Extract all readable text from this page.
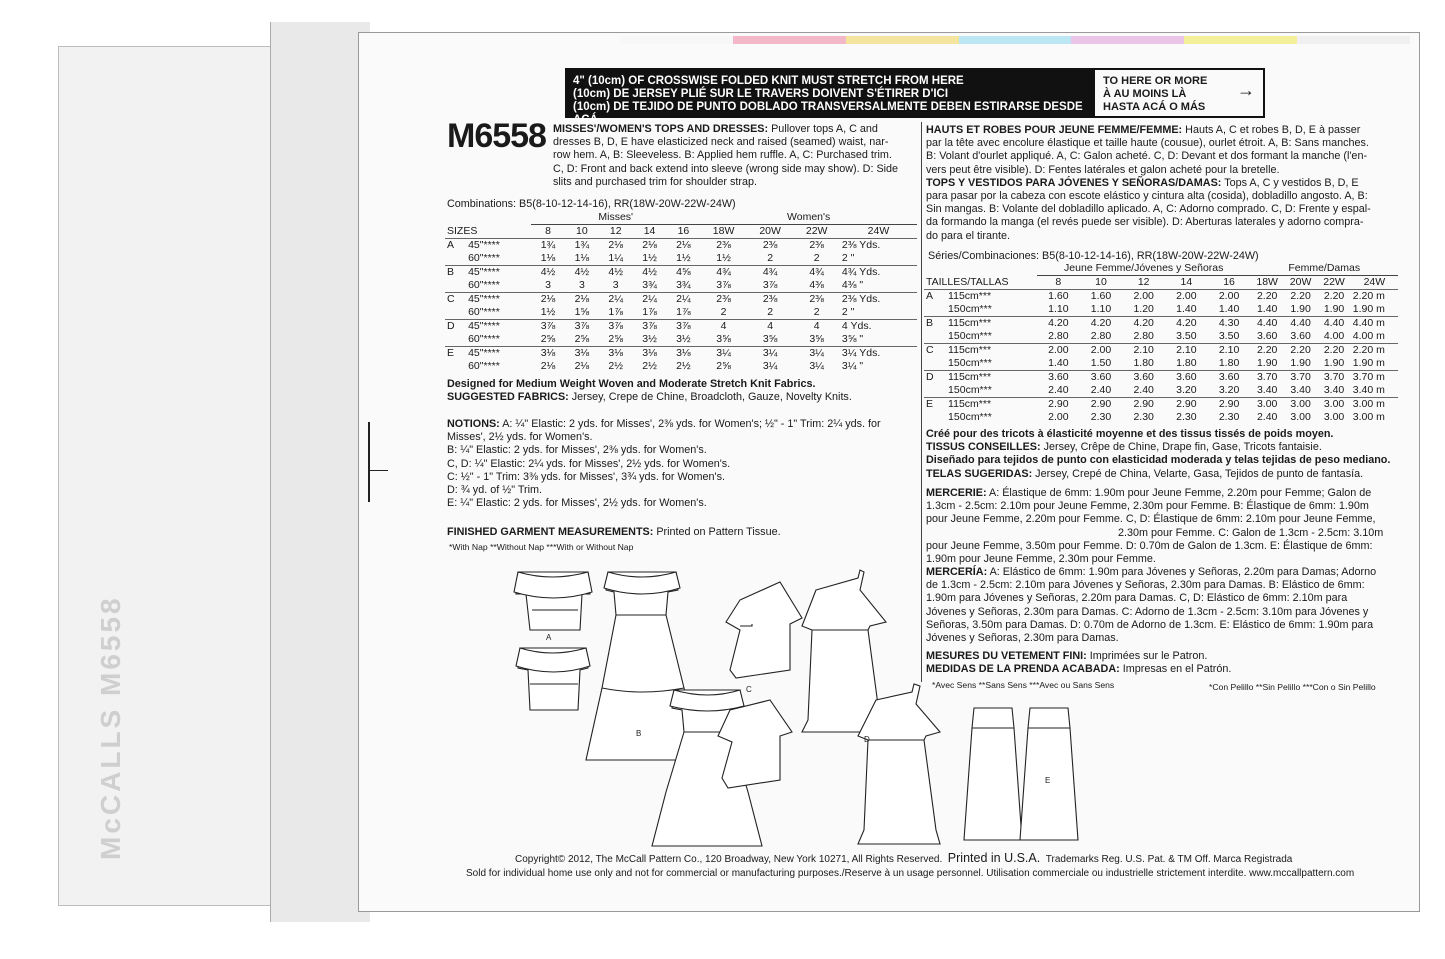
McCALLS M6558
4" (10cm) OF CROSSWISE FOLDED KNIT MUST STRETCH FROM HERE
(10cm) DE JERSEY PLIÉ SUR LE TRAVERS DOIVENT S'ÉTIRER D'ICI
(10cm) DE TEJIDO DE PUNTO DOBLADO TRANSVERSALMENTE DEBEN ESTIRARSE DESDE ACÁ
TO HERE OR MORE
À AU MOINS LÀ
HASTA ACÁ O MÁS
→
M6558 MISSES'/WOMEN'S TOPS AND DRESSES: Pullover tops A, C and
dresses B, D, E have elasticized neck and raised (seamed) waist, nar-
row hem. A, B: Sleeveless. B: Applied hem ruffle. A, C: Purchased trim.
C, D: Front and back extend into sleeve (wrong side may show). D: Side
slits and purchased trim for shoulder strap.
Combinations: B5(8-10-12-14-16), RR(18W-20W-22W-24W)
		Misses'					Women's			
SIZES		8	10	12	14	16	18W	20W	22W	24W
A	45"****	1¾	1¾	2⅛	2⅛	2⅛	2⅜	2⅜	2⅜	2⅜ Yds.
	60"****	1⅛	1⅛	1¼	1½	1½	1½	2	2	2 "
B	45"****	4½	4½	4½	4½	4⅝	4¾	4¾	4¾	4¾ Yds.
	60"****	3	3	3	3¾	3¾	3⅞	3⅞	4⅜	4⅜ "
C	45"****	2⅛	2⅛	2¼	2¼	2¼	2⅜	2⅜	2⅜	2⅜ Yds.
	60"****	1½	1⅝	1⅞	1⅞	1⅞	2	2	2	2 "
D	45"****	3⅞	3⅞	3⅞	3⅞	3⅞	4	4	4	4 Yds.
	60"****	2⅝	2⅝	2⅝	3½	3½	3⅝	3⅝	3⅝	3⅝ "
E	45"****	3⅛	3⅛	3⅛	3⅛	3⅛	3¼	3¼	3¼	3¼ Yds.
	60"****	2⅛	2⅛	2½	2½	2½	2⅝	3¼	3¼	3¼ "
Designed for Medium Weight Woven and Moderate Stretch Knit Fabrics.
SUGGESTED FABRICS: Jersey, Crepe de Chine, Broadcloth, Gauze, Novelty Knits.
NOTIONS: A: ¼" Elastic: 2 yds. for Misses', 2⅜ yds. for Women's; ½" - 1" Trim: 2¼ yds. for
Misses', 2½ yds. for Women's.
B: ¼" Elastic: 2 yds. for Misses', 2⅜ yds. for Women's.
C, D: ¼" Elastic: 2¼ yds. for Misses', 2½ yds. for Women's.
C: ½" - 1" Trim: 3⅜ yds. for Misses', 3¾ yds. for Women's.
D: ¾ yd. of ½" Trim.
E: ¼" Elastic: 2 yds. for Misses', 2½ yds. for Women's.
FINISHED GARMENT MEASUREMENTS: Printed on Pattern Tissue.
*With Nap **Without Nap ***With or Without Nap
HAUTS ET ROBES POUR JEUNE FEMME/FEMME: Hauts A, C et robes B, D, E à passer
par la tête avec encolure élastique et taille haute (cousue), ourlet étroit. A, B: Sans manches.
B: Volant d'ourlet appliqué. A, C: Galon acheté. C, D: Devant et dos formant la manche (l'en-
vers peut être visible). D: Fentes latérales et galon acheté pour la bretelle.
TOPS Y VESTIDOS PARA JÓVENES Y SEÑORAS/DAMAS: Tops A, C y vestidos B, D, E
para pasar por la cabeza con escote elástico y cintura alta (cosida), dobladillo angosto. A, B:
Sin mangas. B: Volante del dobladillo aplicado. A, C: Adorno comprado. C, D: Frente y espal-
da formando la manga (el revés puede ser visible). D: Aberturas laterales y adorno compra-
do para el tirante.
Séries/Combinaciones: B5(8-10-12-14-16), RR(18W-20W-22W-24W)
		Jeune Femme/Jóvenes y Señoras					Femme/Damas			
TAILLES/TALLAS		8	10	12	14	16	18W	20W	22W	24W
A	115cm***	1.60	1.60	2.00	2.00	2.00	2.20	2.20	2.20	2.20 m
	150cm***	1.10	1.10	1.20	1.40	1.40	1.40	1.90	1.90	1.90 m
B	115cm***	4.20	4.20	4.20	4.20	4.30	4.40	4.40	4.40	4.40 m
	150cm***	2.80	2.80	2.80	3.50	3.50	3.60	3.60	4.00	4.00 m
C	115cm***	2.00	2.00	2.10	2.10	2.10	2.20	2.20	2.20	2.20 m
	150cm***	1.40	1.50	1.80	1.80	1.80	1.90	1.90	1.90	1.90 m
D	115cm***	3.60	3.60	3.60	3.60	3.60	3.70	3.70	3.70	3.70 m
	150cm***	2.40	2.40	2.40	3.20	3.20	3.40	3.40	3.40	3.40 m
E	115cm***	2.90	2.90	2.90	2.90	2.90	3.00	3.00	3.00	3.00 m
	150cm***	2.00	2.30	2.30	2.30	2.30	2.40	3.00	3.00	3.00 m
Créé pour des tricots à élasticité moyenne et des tissus tissés de poids moyen.
TISSUS CONSEILLES: Jersey, Crêpe de Chine, Drape fin, Gase, Tricots fantaisie.
Diseñado para tejidos de punto con elasticidad moderada y telas tejidas de peso mediano.
TELAS SUGERIDAS: Jersey, Crepé de China, Velarte, Gasa, Tejidos de punto de fantasía.
MERCERIE: A: Élastique de 6mm: 1.90m pour Jeune Femme, 2.20m pour Femme; Galon de
1.3cm - 2.5cm: 2.10m pour Jeune Femme, 2.30m pour Femme. B: Élastique de 6mm: 1.90m
pour Jeune Femme, 2.20m pour Femme. C, D: Élastique de 6mm: 2.10m pour Jeune Femme,
2.30m pour Femme. C: Galon de 1.3cm - 2.5cm: 3.10m
pour Jeune Femme, 3.50m pour Femme. D: 0.70m de Galon de 1.3cm. E: Élastique de 6mm:
1.90m pour Jeune Femme, 2.30m pour Femme.
MERCERÍA: A: Elástico de 6mm: 1.90m para Jóvenes y Señoras, 2.20m para Damas; Adorno
de 1.3cm - 2.5cm: 2.10m para Jóvenes y Señoras, 2.30m para Damas. B: Elástico de 6mm:
1.90m para Jóvenes y Señoras, 2.20m para Damas. C, D: Elástico de 6mm: 2.10m para
Jóvenes y Señoras, 2.30m para Damas. C: Adorno de 1.3cm - 2.5cm: 3.10m para Jóvenes y
Señoras, 3.50m para Damas. D: 0.70m de Adorno de 1.3cm. E: Elástico de 6mm: 1.90m para
Jóvenes y Señoras, 2.30m para Damas.
MESURES DU VETEMENT FINI: Imprimées sur le Patron.
MEDIDAS DE LA PRENDA ACABADA: Impresas en el Patrón.
*Avec Sens **Sans Sens ***Avec ou Sans Sens	*Con Pelillo **Sin Pelillo ***Con o Sin Pelillo
A
B
C
D
E
Copyright© 2012, The McCall Pattern Co., 120 Broadway, New York 10271, All Rights Reserved. Printed in U.S.A. Trademarks Reg. U.S. Pat. & TM Off. Marca Registrada
Sold for individual home use only and not for commercial or manufacturing purposes./Reserve à un usage personnel. Utilisation commerciale ou industrielle strictement interdite. www.mccallpattern.com
